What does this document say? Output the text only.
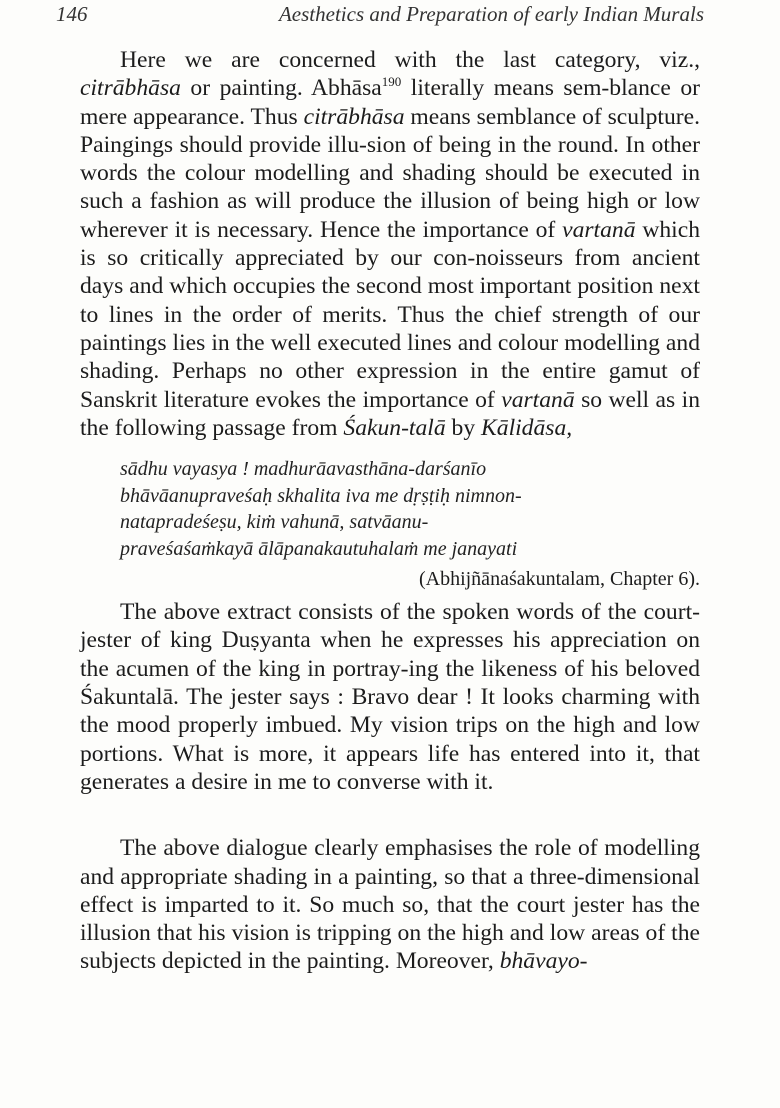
146	Aesthetics and Preparation of early Indian Murals

Here we are concerned with the last category, viz., citrābhāsa or painting. Abhāsa$^{190}$ literally means sem-blance or mere appearance. Thus citrābhāsa means semblance of sculpture. Paingings should provide illu-sion of being in the round. In other words the colour modelling and shading should be executed in such a fashion as will produce the illusion of being high or low wherever it is necessary. Hence the importance of vartanā which is so critically appreciated by our con-noisseurs from ancient days and which occupies the second most important position next to lines in the order of merits. Thus the chief strength of our paintings lies in the well executed lines and colour modelling and shading. Perhaps no other expression in the entire gamut of Sanskrit literature evokes the importance of vartanā so well as in the following passage from Śakun-talā by Kālidāsa,

sādhu vayasya ! madhurāavasthāna-darśanīo
bhāvāanupraveśaḥ skhalita iva me dṛṣṭiḥ nimnon-
natapradeśeṣu, kiṁ vahunā, satvāanu-
praveśaśaṁkayā ālāpanakautuhalaṁ me janayati

(Abhijñānaśakuntalam, Chapter 6).

The above extract consists of the spoken words of the court-jester of king Duṣyanta when he expresses his appreciation on the acumen of the king in portray-ing the likeness of his beloved Śakuntalā. The jester says : Bravo dear ! It looks charming with the mood properly imbued. My vision trips on the high and low portions. What is more, it appears life has entered into it, that generates a desire in me to converse with it.

The above dialogue clearly emphasises the role of modelling and appropriate shading in a painting, so that a three-dimensional effect is imparted to it. So much so, that the court jester has the illusion that his vision is tripping on the high and low areas of the subjects depicted in the painting. Moreover, bhāvayo-
